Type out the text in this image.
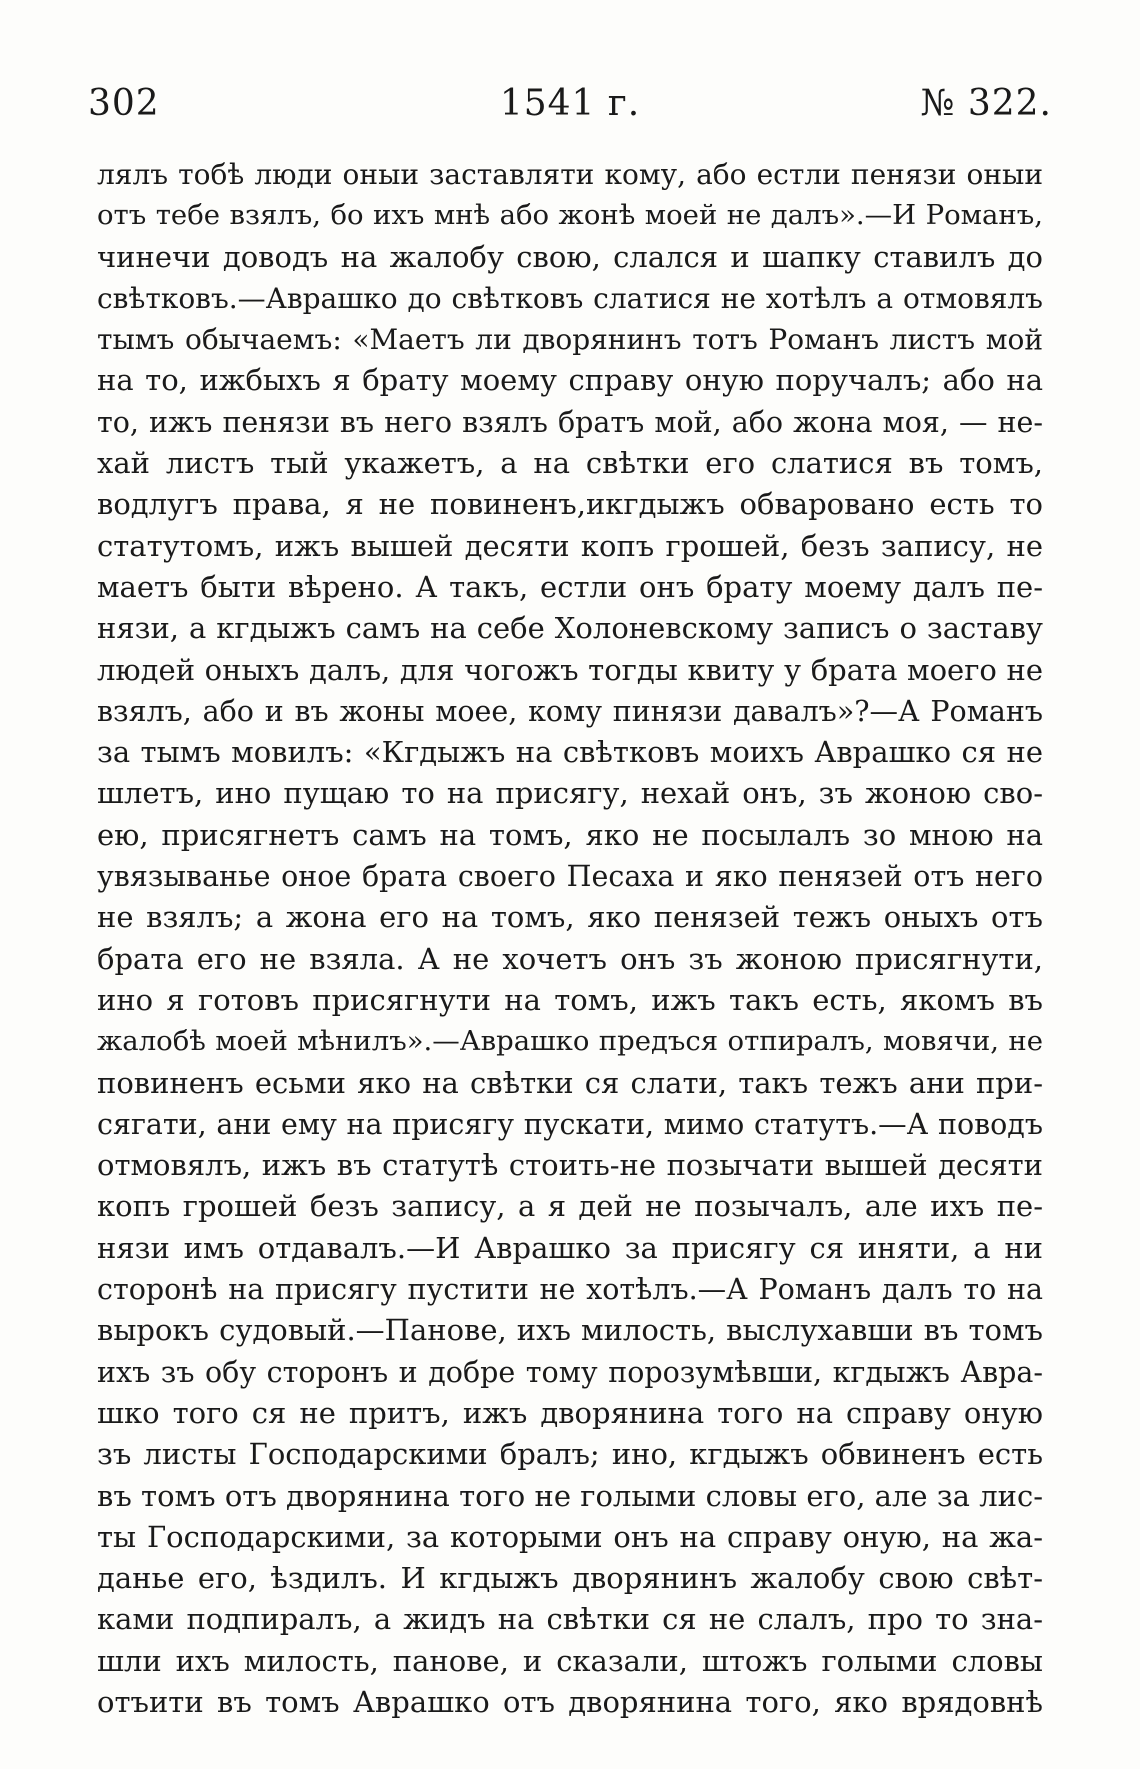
302	1541 г.	№ 322.
лялъ тобѣ люди оныи заставляти кому, або естли пенязи оныи
отъ тебе взялъ, бо ихъ мнѣ або жонѣ моей не далъ».—И Романъ,
чинечи доводъ на жалобу свою, слался и шапку ставилъ до
свѣтковъ.—Аврашко до свѣтковъ слатися не хотѣлъ а отмовялъ
тымъ обычаемъ: «Маетъ ли дворянинъ тотъ Романъ листъ мой
на то, ижбыхъ я брату моему справу оную поручалъ; або на
то, ижъ пенязи въ него взялъ братъ мой, або жона моя, — не-
хай листъ тый укажетъ, а на свѣтки его слатися въ томъ,
водлугъ права, я не повиненъ,икгдыжъ обваровано есть то
статутомъ, ижъ вышей десяти копъ грошей, безъ запису, не
маетъ быти вѣрено. А такъ, естли онъ брату моему далъ пе-
нязи, а кгдыжъ самъ на себе Холоневскому записъ о заставу
людей оныхъ далъ, для чогожъ тогды квиту у брата моего не
взялъ, або и въ жоны моее, кому пинязи давалъ»?—А Романъ
за тымъ мовилъ: «Кгдыжъ на свѣтковъ моихъ Аврашко ся не
шлетъ, ино пущаю то на присягу, нехай онъ, зъ жоною сво-
ею, присягнетъ самъ на томъ, яко не посылалъ зо мною на
увязыванье оное брата своего Песаха и яко пенязей отъ него
не взялъ; а жона его на томъ, яко пенязей тежъ оныхъ отъ
брата его не взяла. А не хочетъ онъ зъ жоною присягнути,
ино я готовъ присягнути на томъ, ижъ такъ есть, якомъ въ
жалобѣ моей мѣнилъ».—Аврашко предъся отпиралъ, мовячи, не
повиненъ есьми яко на свѣтки ся слати, такъ тежъ ани при-
сягати, ани ему на присягу пускати, мимо статутъ.—А поводъ
отмовялъ, ижъ въ статутѣ стоить-не позычати вышей десяти
копъ грошей безъ запису, а я дей не позычалъ, але ихъ пе-
нязи имъ отдавалъ.—И Аврашко за присягу ся иняти, а ни
сторонѣ на присягу пустити не хотѣлъ.—А Романъ далъ то на
вырокъ судовый.—Панове, ихъ милость, выслухавши въ томъ
ихъ зъ обу сторонъ и добре тому порозумѣвши, кгдыжъ Авра-
шко того ся не притъ, ижъ дворянина того на справу оную
зъ листы Господарскими бралъ; ино, кгдыжъ обвиненъ есть
въ томъ отъ дворянина того не голыми словы его, але за лис-
ты Господарскими, за которыми онъ на справу оную, на жа-
данье его, ѣздилъ. И кгдыжъ дворянинъ жалобу свою свѣт-
ками подпиралъ, а жидъ на свѣтки ся не слалъ, про то зна-
шли ихъ милость, панове, и сказали, штожъ голыми словы
отъити въ томъ Аврашко отъ дворянина того, яко врядовнѣ
